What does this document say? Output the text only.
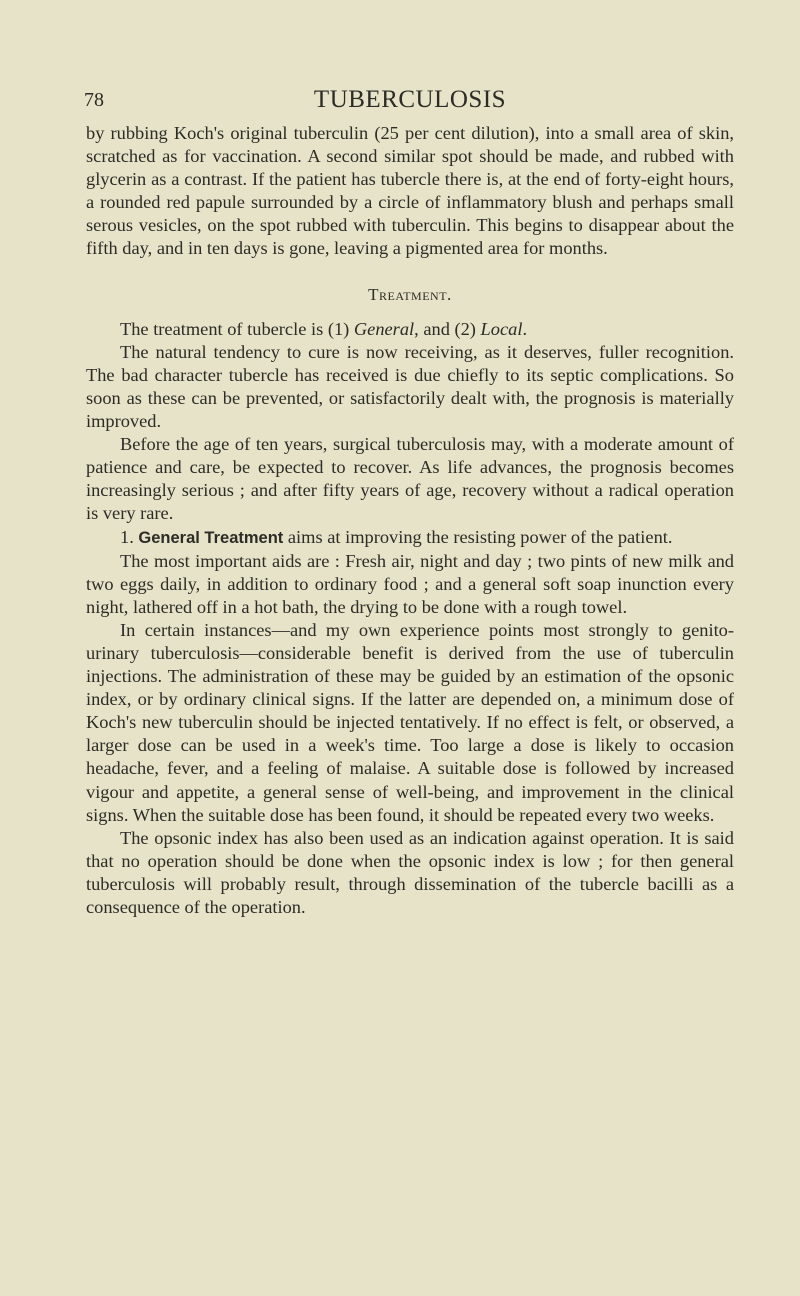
78	TUBERCULOSIS

by rubbing Koch's original tuberculin (25 per cent dilution), into a small area of skin, scratched as for vaccination. A second similar spot should be made, and rubbed with glycerin as a contrast. If the patient has tubercle there is, at the end of forty-eight hours, a rounded red papule surrounded by a circle of inflammatory blush and perhaps small serous vesicles, on the spot rubbed with tuberculin. This begins to disappear about the fifth day, and in ten days is gone, leaving a pigmented area for months.

Treatment.

The treatment of tubercle is (1) General, and (2) Local.

The natural tendency to cure is now receiving, as it deserves, fuller recognition. The bad character tubercle has received is due chiefly to its septic complications. So soon as these can be prevented, or satisfactorily dealt with, the prognosis is materially improved.

Before the age of ten years, surgical tuberculosis may, with a moderate amount of patience and care, be expected to recover. As life advances, the prognosis becomes increasingly serious ; and after fifty years of age, recovery without a radical operation is very rare.

1. General Treatment aims at improving the resisting power of the patient.

The most important aids are : Fresh air, night and day ; two pints of new milk and two eggs daily, in addition to ordinary food ; and a general soft soap inunction every night, lathered off in a hot bath, the drying to be done with a rough towel.

In certain instances—and my own experience points most strongly to genito-urinary tuberculosis—considerable benefit is derived from the use of tuberculin injections. The administration of these may be guided by an estimation of the opsonic index, or by ordinary clinical signs. If the latter are depended on, a minimum dose of Koch's new tuberculin should be injected tentatively. If no effect is felt, or observed, a larger dose can be used in a week's time. Too large a dose is likely to occasion headache, fever, and a feeling of malaise. A suitable dose is followed by increased vigour and appetite, a general sense of well-being, and improvement in the clinical signs. When the suitable dose has been found, it should be repeated every two weeks.

The opsonic index has also been used as an indication against operation. It is said that no operation should be done when the opsonic index is low ; for then general tuberculosis will probably result, through dissemination of the tubercle bacilli as a consequence of the operation.
